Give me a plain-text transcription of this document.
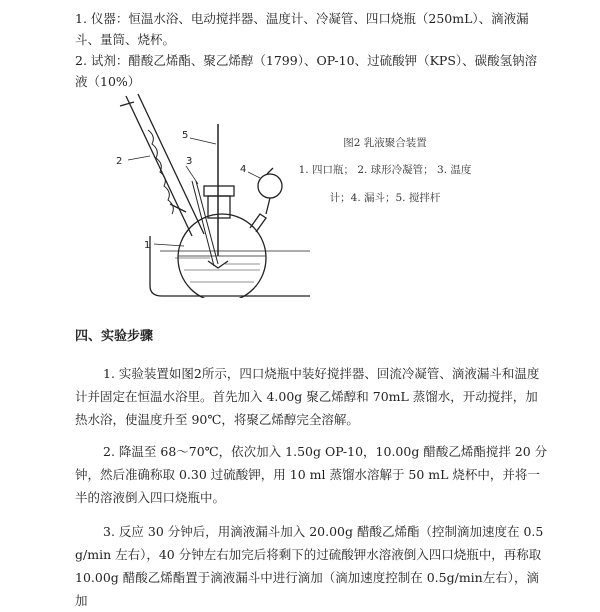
1. 仪器：恒温水浴、电动搅拌器、温度计、冷凝管、四口烧瓶（250mL）、滴液漏斗、量筒、烧杯。
2. 试剂：醋酸乙烯酯、聚乙烯醇（1799）、OP-10、过硫酸钾（KPS）、碳酸氢钠溶液（10%）
1
2	3
5
4
图2 乳液聚合装置
1. 四口瓶； 2. 球形冷凝管； 3. 温度
计；4. 漏斗；5. 搅拌杆
四、实验步骤
1. 实验装置如图2所示，四口烧瓶中装好搅拌器、回流冷凝管、滴液漏斗和温度计并固定在恒温水浴里。首先加入 4.00g 聚乙烯醇和 70mL 蒸馏水，开动搅拌，加热水浴，使温度升至 90℃，将聚乙烯醇完全溶解。
2. 降温至 68～70℃，依次加入 1.50g OP-10，10.00g 醋酸乙烯酯搅拌 20 分钟，然后准确称取 0.30 过硫酸钾，用 10 ml 蒸馏水溶解于 50 mL 烧杯中，并将一半的溶液倒入四口烧瓶中。
3. 反应 30 分钟后，用滴液漏斗加入 20.00g 醋酸乙烯酯（控制滴加速度在 0.5 g/min 左右），40 分钟左右加完后将剩下的过硫酸钾水溶液倒入四口烧瓶中，再称取 10.00g 醋酸乙烯酯置于滴液漏斗中进行滴加（滴加速度控制在 0.5g/min左右），滴加
